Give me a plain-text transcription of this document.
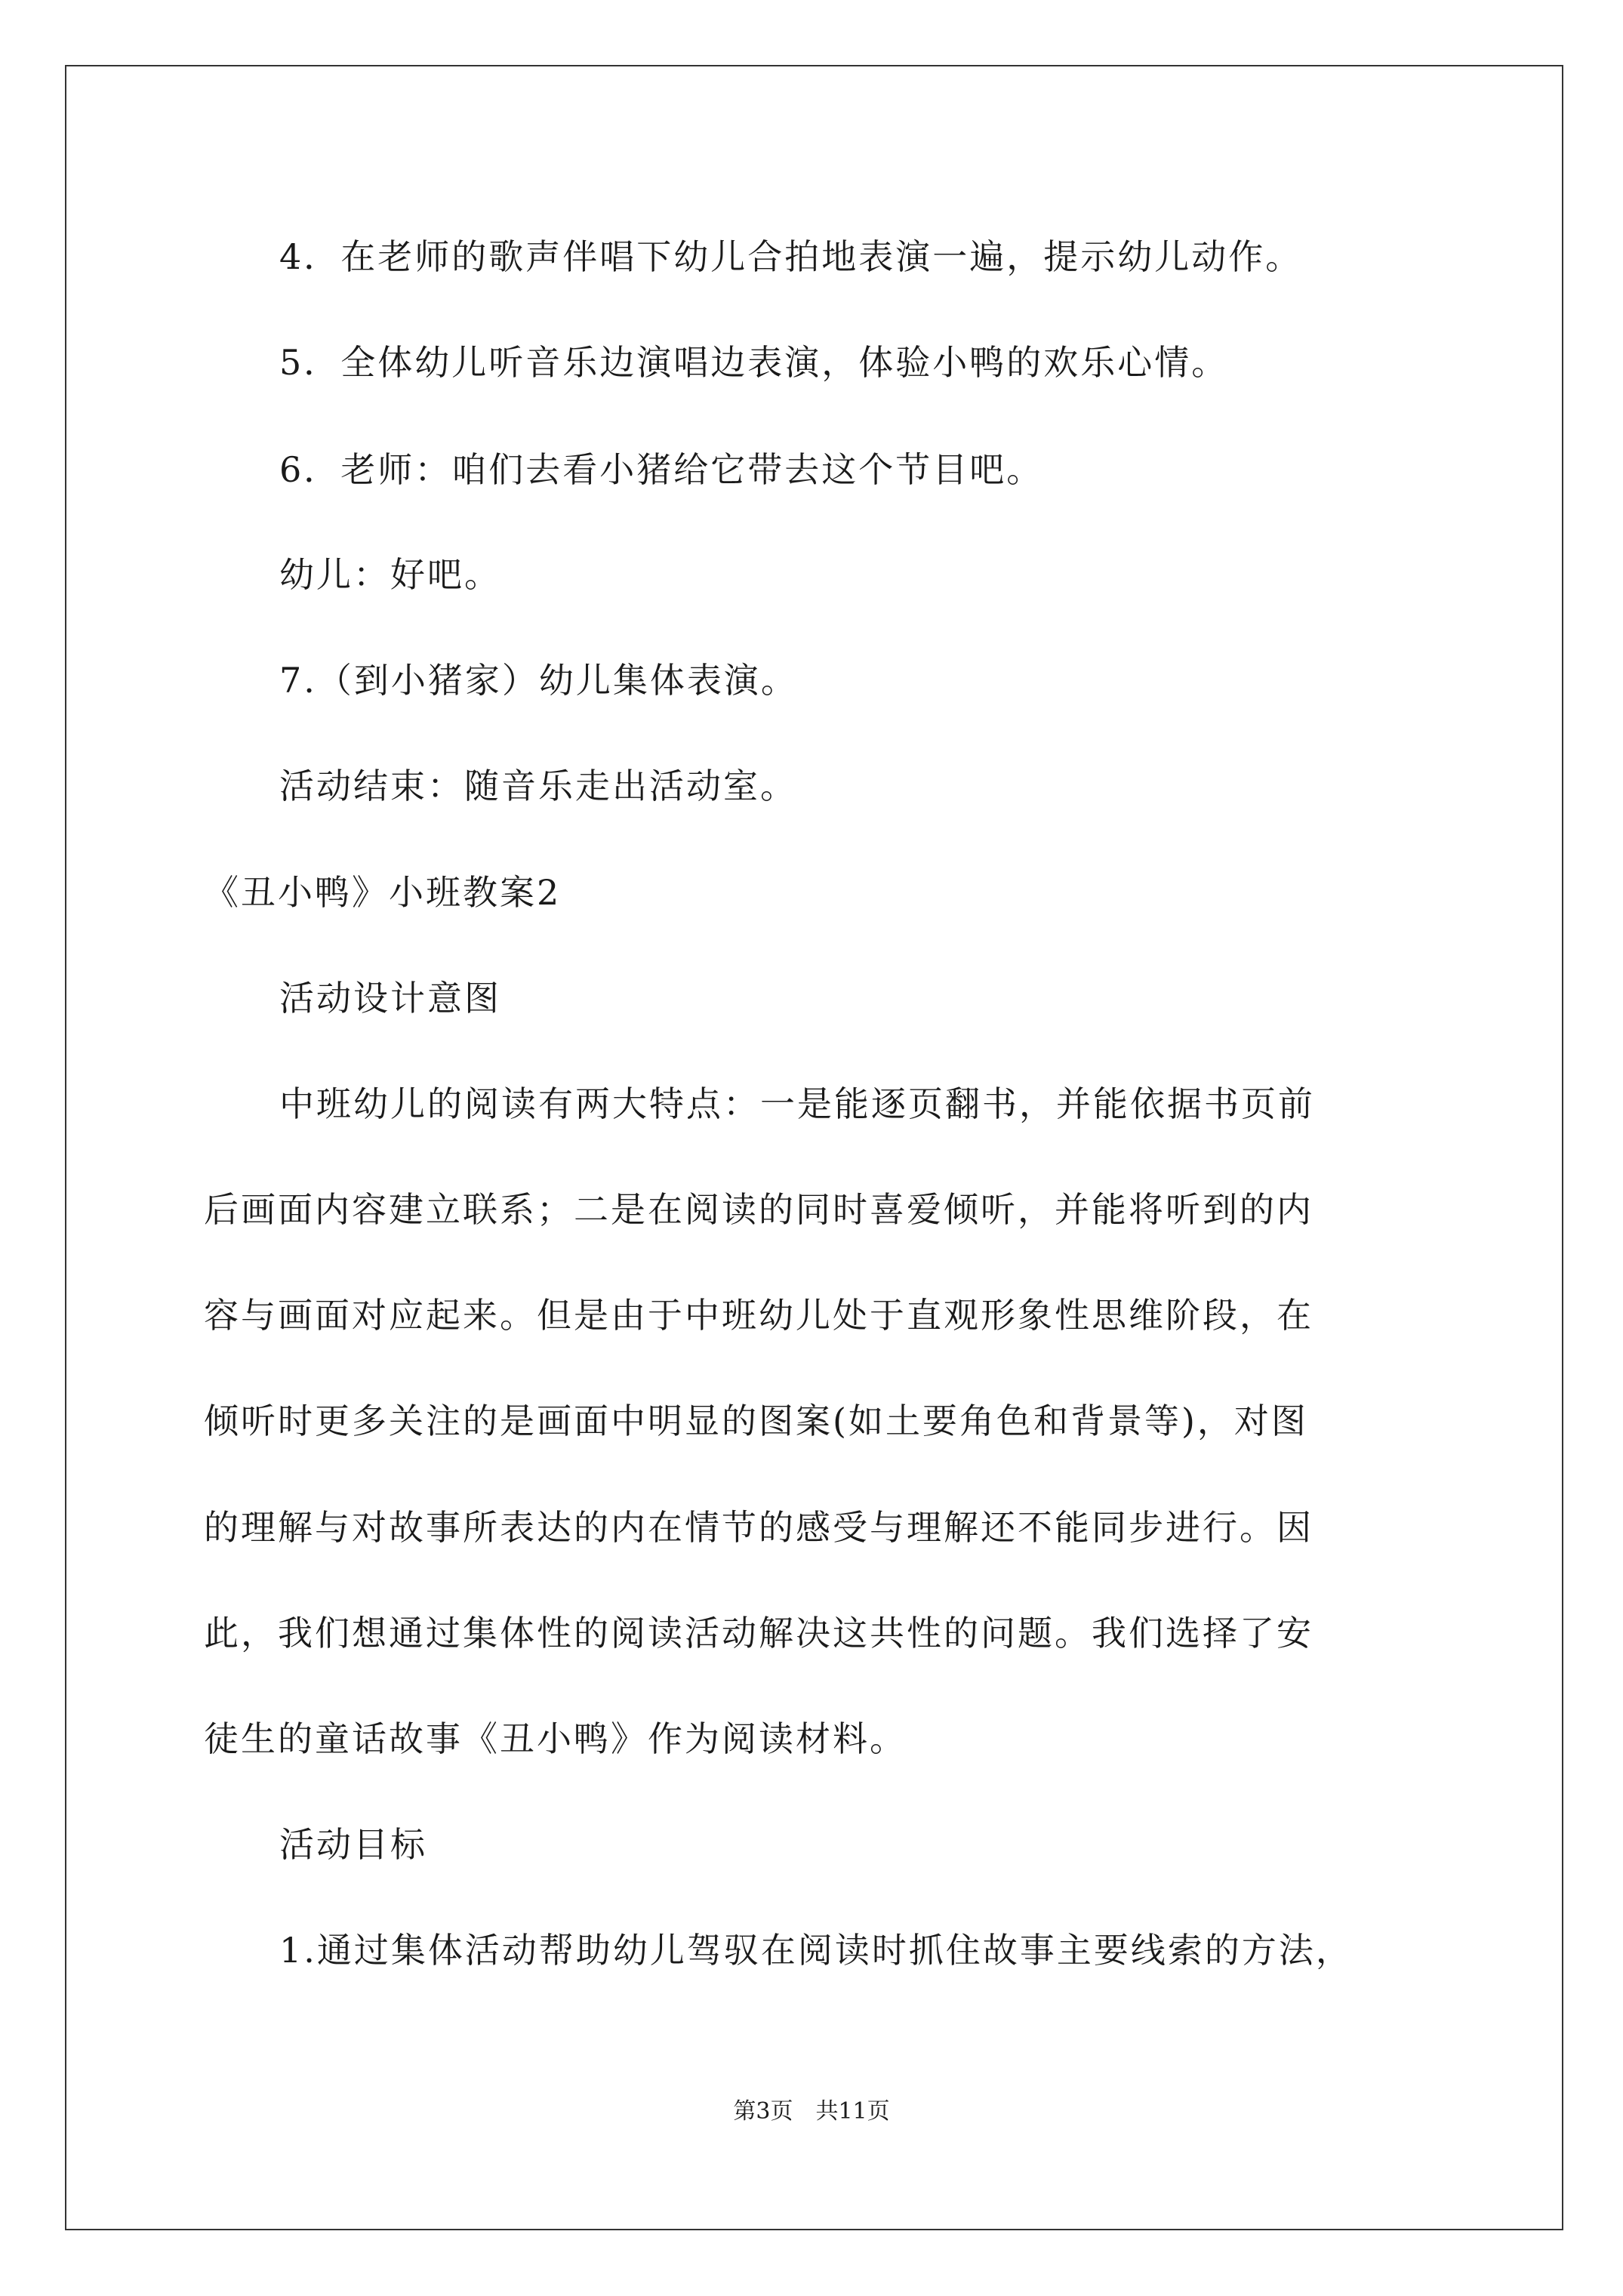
4．在老师的歌声伴唱下幼儿合拍地表演一遍，提示幼儿动作。
5．全体幼儿听音乐边演唱边表演，体验小鸭的欢乐心情。
6．老师：咱们去看小猪给它带去这个节目吧。
幼儿：好吧。
7.（到小猪家）幼儿集体表演。
活动结束：随音乐走出活动室。
《丑小鸭》小班教案2
活动设计意图
中班幼儿的阅读有两大特点：一是能逐页翻书，并能依据书页前
后画面内容建立联系；二是在阅读的同时喜爱倾听，并能将听到的内
容与画面对应起来。但是由于中班幼儿处于直观形象性思维阶段，在
倾听时更多关注的是画面中明显的图案(如土要角色和背景等)，对图
的理解与对故事所表达的内在情节的感受与理解还不能同步进行。因
此，我们想通过集体性的阅读活动解决这共性的问题。我们选择了安
徒生的童话故事《丑小鸭》作为阅读材料。
活动目标
1.通过集体活动帮助幼儿驾驭在阅读时抓住故事主要线索的方法，
第3页　共11页
